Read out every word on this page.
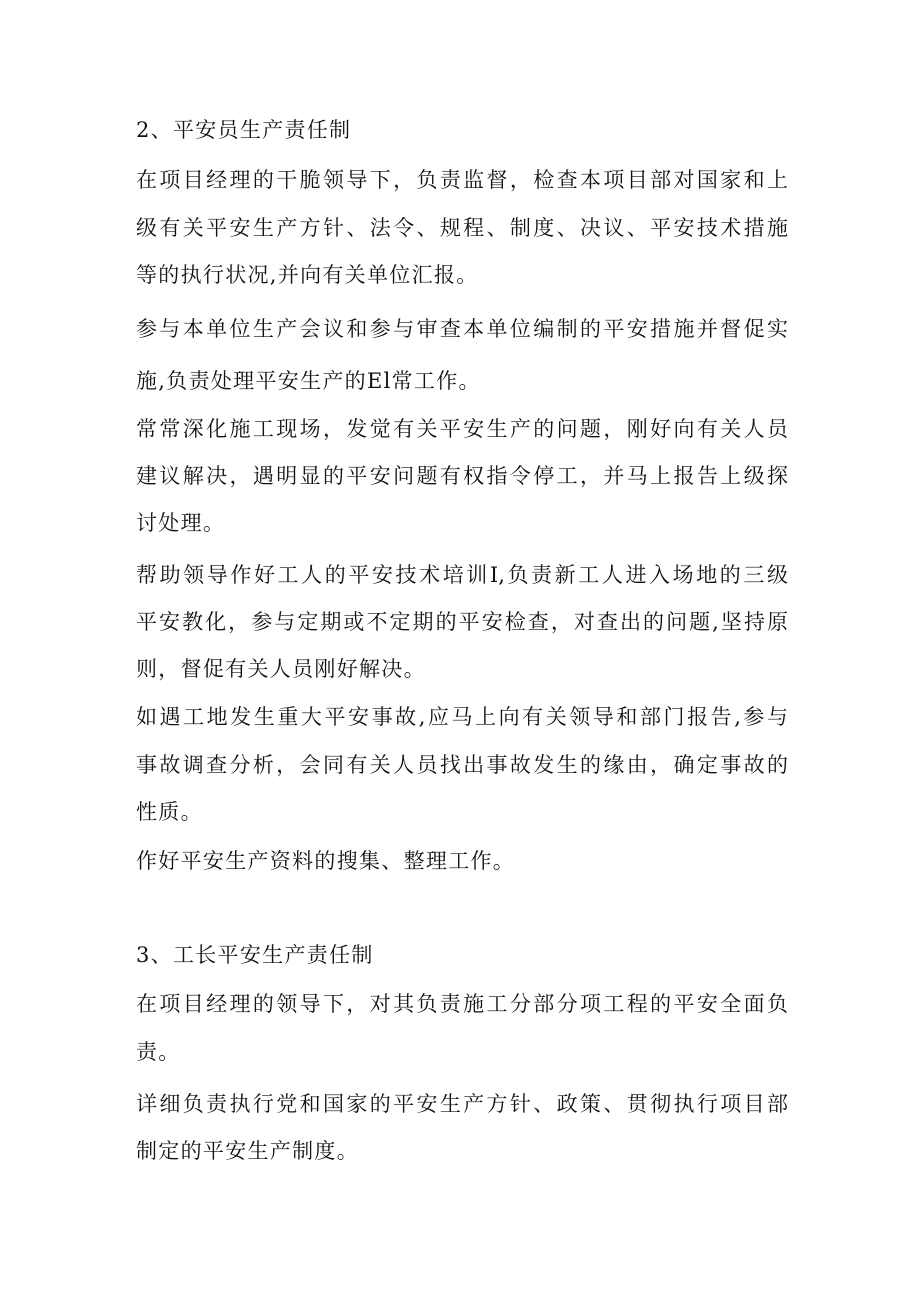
2、平安员生产责任制
在项目经理的干脆领导下，负责监督，检查本项目部对国家和上
级有关平安生产方针、法令、规程、制度、决议、平安技术措施
等的执行状况,并向有关单位汇报。
参与本单位生产会议和参与审查本单位编制的平安措施并督促实
施,负责处理平安生产的El常工作。
常常深化施工现场，发觉有关平安生产的问题，刚好向有关人员
建议解决，遇明显的平安问题有权指令停工，并马上报告上级探
讨处理。
帮助领导作好工人的平安技术培训I,负责新工人进入场地的三级
平安教化，参与定期或不定期的平安检查，对查出的问题,坚持原
则，督促有关人员刚好解决。
如遇工地发生重大平安事故,应马上向有关领导和部门报告,参与
事故调查分析，会同有关人员找出事故发生的缘由，确定事故的
性质。
作好平安生产资料的搜集、整理工作。
3、工长平安生产责任制
在项目经理的领导下，对其负责施工分部分项工程的平安全面负
责。
详细负责执行党和国家的平安生产方针、政策、贯彻执行项目部
制定的平安生产制度。
